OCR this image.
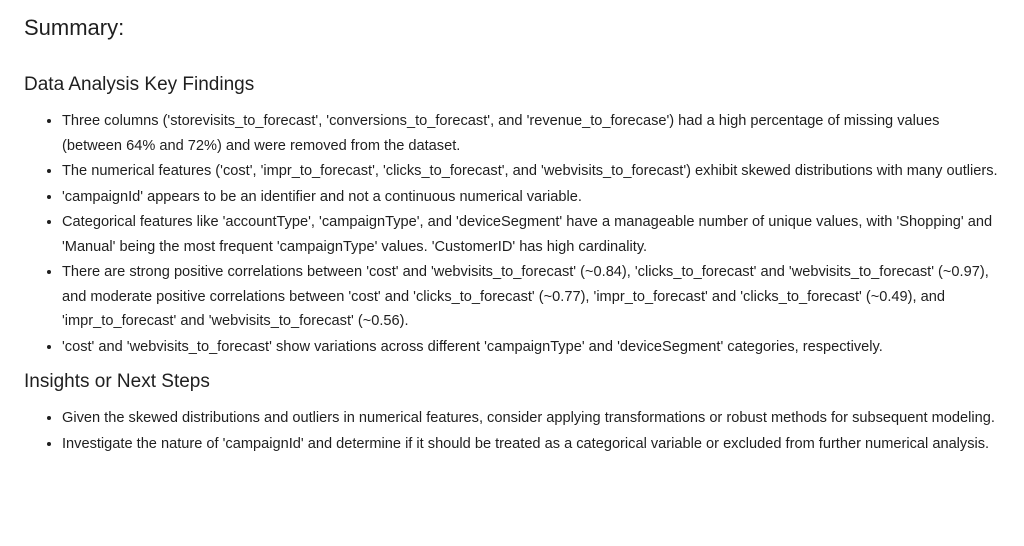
Summary:
Data Analysis Key Findings
• Three columns ('storevisits_to_forecast', 'conversions_to_forecast', and 'revenue_to_forecase') had a high percentage of missing values (between 64% and 72%) and were removed from the dataset.
• The numerical features ('cost', 'impr_to_forecast', 'clicks_to_forecast', and 'webvisits_to_forecast') exhibit skewed distributions with many outliers.
• 'campaignId' appears to be an identifier and not a continuous numerical variable.
• Categorical features like 'accountType', 'campaignType', and 'deviceSegment' have a manageable number of unique values, with 'Shopping' and 'Manual' being the most frequent 'campaignType' values. 'CustomerID' has high cardinality.
• There are strong positive correlations between 'cost' and 'webvisits_to_forecast' (~0.84), 'clicks_to_forecast' and 'webvisits_to_forecast' (~0.97), and moderate positive correlations between 'cost' and 'clicks_to_forecast' (~0.77), 'impr_to_forecast' and 'clicks_to_forecast' (~0.49), and 'impr_to_forecast' and 'webvisits_to_forecast' (~0.56).
• 'cost' and 'webvisits_to_forecast' show variations across different 'campaignType' and 'deviceSegment' categories, respectively.
Insights or Next Steps
• Given the skewed distributions and outliers in numerical features, consider applying transformations or robust methods for subsequent modeling.
• Investigate the nature of 'campaignId' and determine if it should be treated as a categorical variable or excluded from further numerical analysis.
